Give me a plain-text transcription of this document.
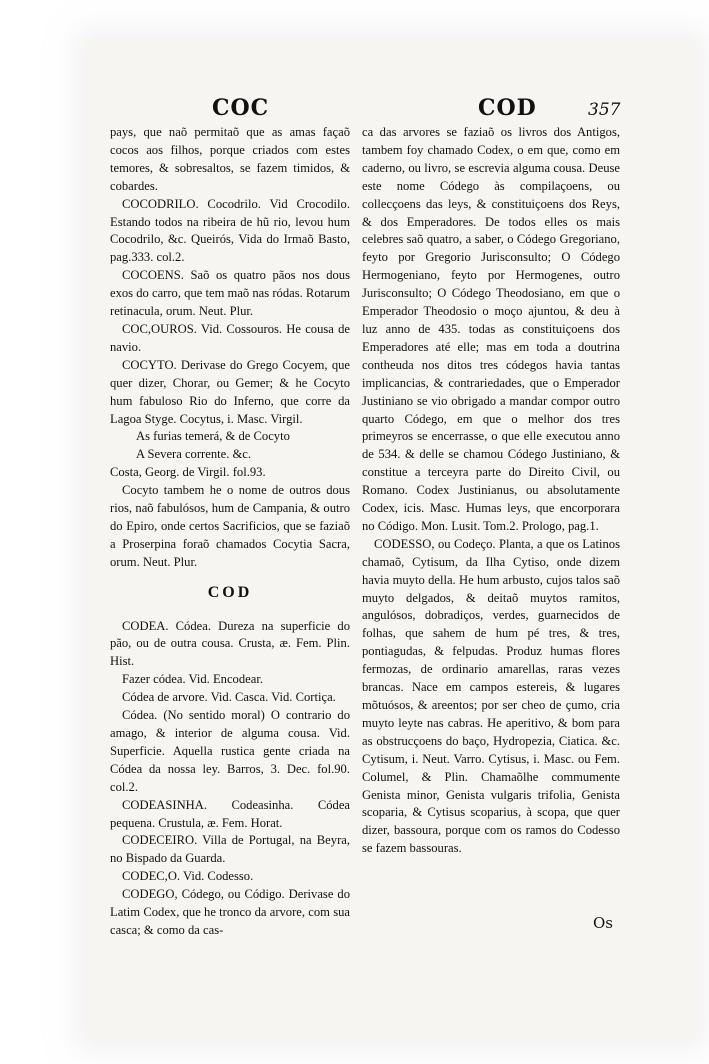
COC	COD	357

pays, que naõ permitaõ que as amas façaõ cocos aos filhos, porque criados com estes temores, & sobresaltos, se fazem timidos, & cobardes.

COCODRILO. Cocodrilo. Vid Crocodilo. Estando todos na ribeira de hũ rio, levou hum Cocodrilo, &c. Queirós, Vida do Irmaõ Basto, pag.333. col.2.

COCOENS. Saõ os quatro pãos nos dous exos do carro, que tem maõ nas ródas. Rotarum retinacula, orum. Neut. Plur.

COC,OUROS. Vid. Cossouros. He cousa de navio.

COCYTO. Derivase do Grego Cocyem, que quer dizer, Chorar, ou Gemer; & he Cocyto hum fabuloso Rio do Inferno, que corre da Lagoa Styge. Cocytus, i. Masc. Virgil.

As furias temerá, & de Cocyto

A Severa corrente. &c.

Costa, Georg. de Virgil. fol.93.

Cocyto tambem he o nome de outros dous rios, naõ fabulósos, hum de Campania, & outro do Epiro, onde certos Sacrificios, que se faziaõ a Proserpina foraõ chamados Cocytia Sacra, orum. Neut. Plur.

COD

CODEA. Códea. Dureza na superficie do pão, ou de outra cousa. Crusta, æ. Fem. Plin. Hist.

Fazer códea. Vid. Encodear.

Códea de arvore. Vid. Casca. Vid. Cortiça.

Códea. (No sentido moral) O contrario do amago, & interior de alguma cousa. Vid. Superficie. Aquella rustica gente criada na Códea da nossa ley. Barros, 3. Dec. fol.90. col.2.

CODEASINHA. Codeasinha. Códea pequena. Crustula, æ. Fem. Horat.

CODECEIRO. Villa de Portugal, na Beyra, no Bispado da Guarda.

CODEC,O. Vid. Codesso.

CODEGO, Códego, ou Código. Derivase do Latim Codex, que he tronco da arvore, com sua casca; & como da cas-

ca das arvores se faziaõ os livros dos Antigos, tambem foy chamado Codex, o em que, como em caderno, ou livro, se escrevia alguma cousa. Deuse este nome Códego às compilaçoens, ou collecçoens das leys, & constituiçoens dos Reys, & dos Emperadores. De todos elles os mais celebres saõ quatro, a saber, o Códego Gregoriano, feyto por Gregorio Jurisconsulto; O Códego Hermogeniano, feyto por Hermogenes, outro Jurisconsulto; O Códego Theodosiano, em que o Emperador Theodosio o moço ajuntou, & deu à luz anno de 435. todas as constituiçoens dos Emperadores até elle; mas em toda a doutrina contheuda nos ditos tres códegos havia tantas implicancias, & contrariedades, que o Emperador Justiniano se vio obrigado a mandar compor outro quarto Códego, em que o melhor dos tres primeyros se encerrasse, o que elle executou anno de 534. & delle se chamou Códego Justiniano, & constitue a terceyra parte do Direito Civil, ou Romano. Codex Justinianus, ou absolutamente Codex, icis. Masc. Humas leys, que encorporara no Código. Mon. Lusit. Tom.2. Prologo, pag.1.

CODESSO, ou Codeço. Planta, a que os Latinos chamaõ, Cytisum, da Ilha Cytiso, onde dizem havia muyto della. He hum arbusto, cujos talos saõ muyto delgados, & deitaõ muytos ramitos, angulósos, dobradiços, verdes, guarnecidos de folhas, que sahem de hum pé tres, & tres, pontiagudas, & felpudas. Produz humas flores fermozas, de ordinario amarellas, raras vezes brancas. Nace em campos estereis, & lugares mõtuósos, & areentos; por ser cheo de çumo, cria muyto leyte nas cabras. He aperitivo, & bom para as obstrucçoens do baço, Hydropezia, Ciatica. &c. Cytisum, i. Neut. Varro. Cytisus, i. Masc. ou Fem. Columel, & Plin. Chamaõlhe commumente Genista minor, Genista vulgaris trifolia, Genista scoparia, & Cytisus scoparius, à scopa, que quer dizer, bassoura, porque com os ramos do Codesso se fazem bassouras.

Os
